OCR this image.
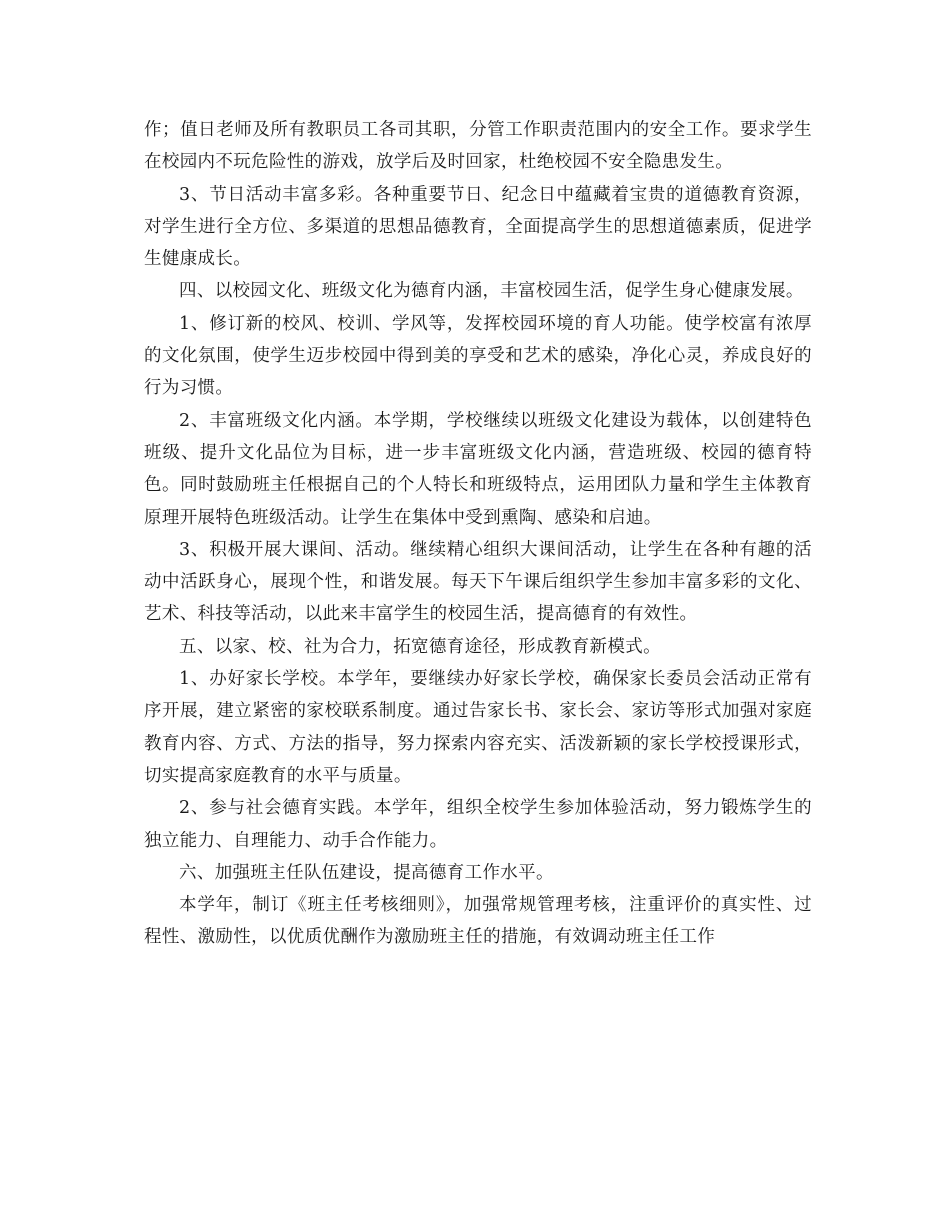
作；值日老师及所有教职员工各司其职，分管工作职责范围内的安全工作。要求学生在校园内不玩危险性的游戏，放学后及时回家，杜绝校园不安全隐患发生。

3、节日活动丰富多彩。各种重要节日、纪念日中蕴藏着宝贵的道德教育资源，对学生进行全方位、多渠道的思想品德教育，全面提高学生的思想道德素质，促进学生健康成长。

四、以校园文化、班级文化为德育内涵，丰富校园生活，促学生身心健康发展。

1、修订新的校风、校训、学风等，发挥校园环境的育人功能。使学校富有浓厚的文化氛围，使学生迈步校园中得到美的享受和艺术的感染，净化心灵，养成良好的行为习惯。

2、丰富班级文化内涵。本学期，学校继续以班级文化建设为载体，以创建特色班级、提升文化品位为目标，进一步丰富班级文化内涵，营造班级、校园的德育特色。同时鼓励班主任根据自己的个人特长和班级特点，运用团队力量和学生主体教育原理开展特色班级活动。让学生在集体中受到熏陶、感染和启迪。

3、积极开展大课间、活动。继续精心组织大课间活动，让学生在各种有趣的活动中活跃身心，展现个性，和谐发展。每天下午课后组织学生参加丰富多彩的文化、艺术、科技等活动，以此来丰富学生的校园生活，提高德育的有效性。

五、以家、校、社为合力，拓宽德育途径，形成教育新模式。

1、办好家长学校。本学年，要继续办好家长学校，确保家长委员会活动正常有序开展，建立紧密的家校联系制度。通过告家长书、家长会、家访等形式加强对家庭教育内容、方式、方法的指导，努力探索内容充实、活泼新颖的家长学校授课形式，切实提高家庭教育的水平与质量。

2、参与社会德育实践。本学年，组织全校学生参加体验活动，努力锻炼学生的独立能力、自理能力、动手合作能力。

六、加强班主任队伍建设，提高德育工作水平。

本学年，制订《班主任考核细则》，加强常规管理考核，注重评价的真实性、过程性、激励性，以优质优酬作为激励班主任的措施，有效调动班主任工作
